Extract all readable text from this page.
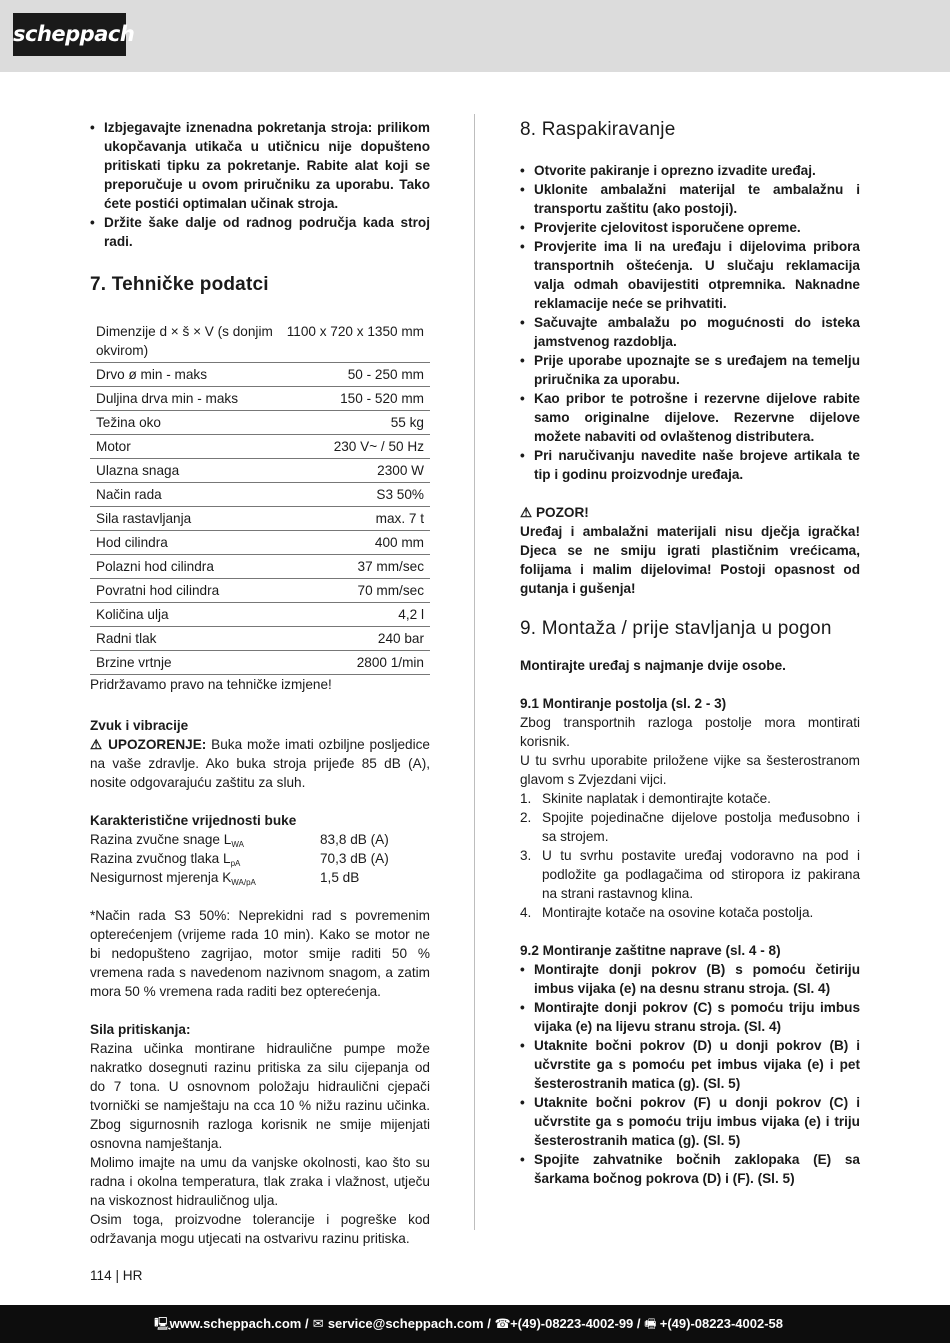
scheppach
• Izbjegavajte iznenadna pokretanja stroja: prilikom ukopčavanja utikača u utičnicu nije dopušteno pritiskati tipku za pokretanje. Rabite alat koji se preporučuje u ovom priručniku za uporabu. Tako ćete postići optimalan učinak stroja.
• Držite šake dalje od radnog područja kada stroj radi.
7. Tehničke podatci
Dimenzije d × š × V (s donjim okvirom)	1100 x 720 x 1350 mm
Drvo ø min - maks	50 - 250 mm
Duljina drva min - maks	150 - 520 mm
Težina oko	55 kg
Motor	230 V~ / 50 Hz
Ulazna snaga	2300 W
Način rada	S3 50%
Sila rastavljanja	max. 7 t
Hod cilindra	400 mm
Polazni hod cilindra	37 mm/sec
Povratni hod cilindra	70 mm/sec
Količina ulja	4,2 l
Radni tlak	240 bar
Brzine vrtnje	2800 1/min

Pridržavamo pravo na tehničke izmjene!

Zvuk i vibracije

⚠ UPOZORENJE: Buka može imati ozbiljne posljedice na vaše zdravlje. Ako buka stroja prijeđe 85 dB (A), nosite odgovarajuću zaštitu za sluh.

Karakteristične vrijednosti buke

Razina zvučne snage $L_{WA}$	83,8 dB (A)
Razina zvučnog tlaka $L_{pA}$	70,3 dB (A)
Nesigurnost mjerenja $K_{WA/pA}$	1,5 dB

*Način rada S3 50%: Neprekidni rad s povremenim opterećenjem (vrijeme rada 10 min). Kako se motor ne bi nedopušteno zagrijao, motor smije raditi 50 % vremena rada s navedenom nazivnom snagom, a zatim mora 50 % vremena rada raditi bez opterećenja.

Sila pritiskanja:

Razina učinka montirane hidraulične pumpe može nakratko dosegnuti razinu pritiska za silu cijepanja od do 7 tona. U osnovnom položaju hidraulični cjepači tvornički se namještaju na cca 10 % nižu razinu učinka. Zbog sigurnosnih razloga korisnik ne smije mijenjati osnovna namještanja.

Molimo imajte na umu da vanjske okolnosti, kao što su radna i okolna temperatura, tlak zraka i vlažnost, utječu na viskoznost hidrauličnog ulja.

Osim toga, proizvodne tolerancije i pogreške kod održavanja mogu utjecati na ostvarivu razinu pritiska.

8. Raspakiravanje
• Otvorite pakiranje i oprezno izvadite uređaj.
• Uklonite ambalažni materijal te ambalažnu i transportu zaštitu (ako postoji).
• Provjerite cjelovitost isporučene opreme.
• Provjerite ima li na uređaju i dijelovima pribora transportnih oštećenja. U slučaju reklamacija valja odmah obavijestiti otpremnika. Naknadne reklamacije neće se prihvatiti.
• Sačuvajte ambalažu po mogućnosti do isteka jamstvenog razdoblja.
• Prije uporabe upoznajte se s uređajem na temelju priručnika za uporabu.
• Kao pribor te potrošne i rezervne dijelove rabite samo originalne dijelove. Rezervne dijelove možete nabaviti od ovlaštenog distributera.
• Pri naručivanju navedite naše brojeve artikala te tip i godinu proizvodnje uređaja.

⚠ POZOR!

Uređaj i ambalažni materijali nisu dječja igračka! Djeca se ne smiju igrati plastičnim vrećicama, folijama i malim dijelovima! Postoji opasnost od gutanja i gušenja!

9. Montaža / prije stavljanja u pogon

Montirajte uređaj s najmanje dvije osobe.

9.1 Montiranje postolja (sl. 2 - 3)

Zbog transportnih razloga postolje mora montirati korisnik.

U tu svrhu uporabite priložene vijke sa šesterostranom glavom s Zvjezdani vijci.

1. Skinite naplatak i demontirajte kotače.
2. Spojite pojedinačne dijelove postolja međusobno i sa strojem.
3. U tu svrhu postavite uređaj vodoravno na pod i podložite ga podlagačima od stiropora iz pakirana na strani rastavnog klina.
4. Montirajte kotače na osovine kotača postolja.

9.2 Montiranje zaštitne naprave (sl. 4 - 8)

• Montirajte donji pokrov (B) s pomoću četiriju imbus vijaka (e) na desnu stranu stroja. (Sl. 4)
• Montirajte donji pokrov (C) s pomoću triju imbus vijaka (e) na lijevu stranu stroja. (Sl. 4)
• Utaknite bočni pokrov (D) u donji pokrov (B) i učvrstite ga s pomoću pet imbus vijaka (e) i pet šesterostranih matica (g). (Sl. 5)
• Utaknite bočni pokrov (F) u donji pokrov (C) i učvrstite ga s pomoću triju imbus vijaka (e) i triju šesterostranih matica (g). (Sl. 5)
• Spojite zahvatnike bočnih zaklopaka (E) sa šarkama bočnog pokrova (D) i (F). (Sl. 5)
114 | HR
🖳 www.scheppach.com / ✉ service@scheppach.com / ☎ +(49)-08223-4002-99 / 🖷 +(49)-08223-4002-58
